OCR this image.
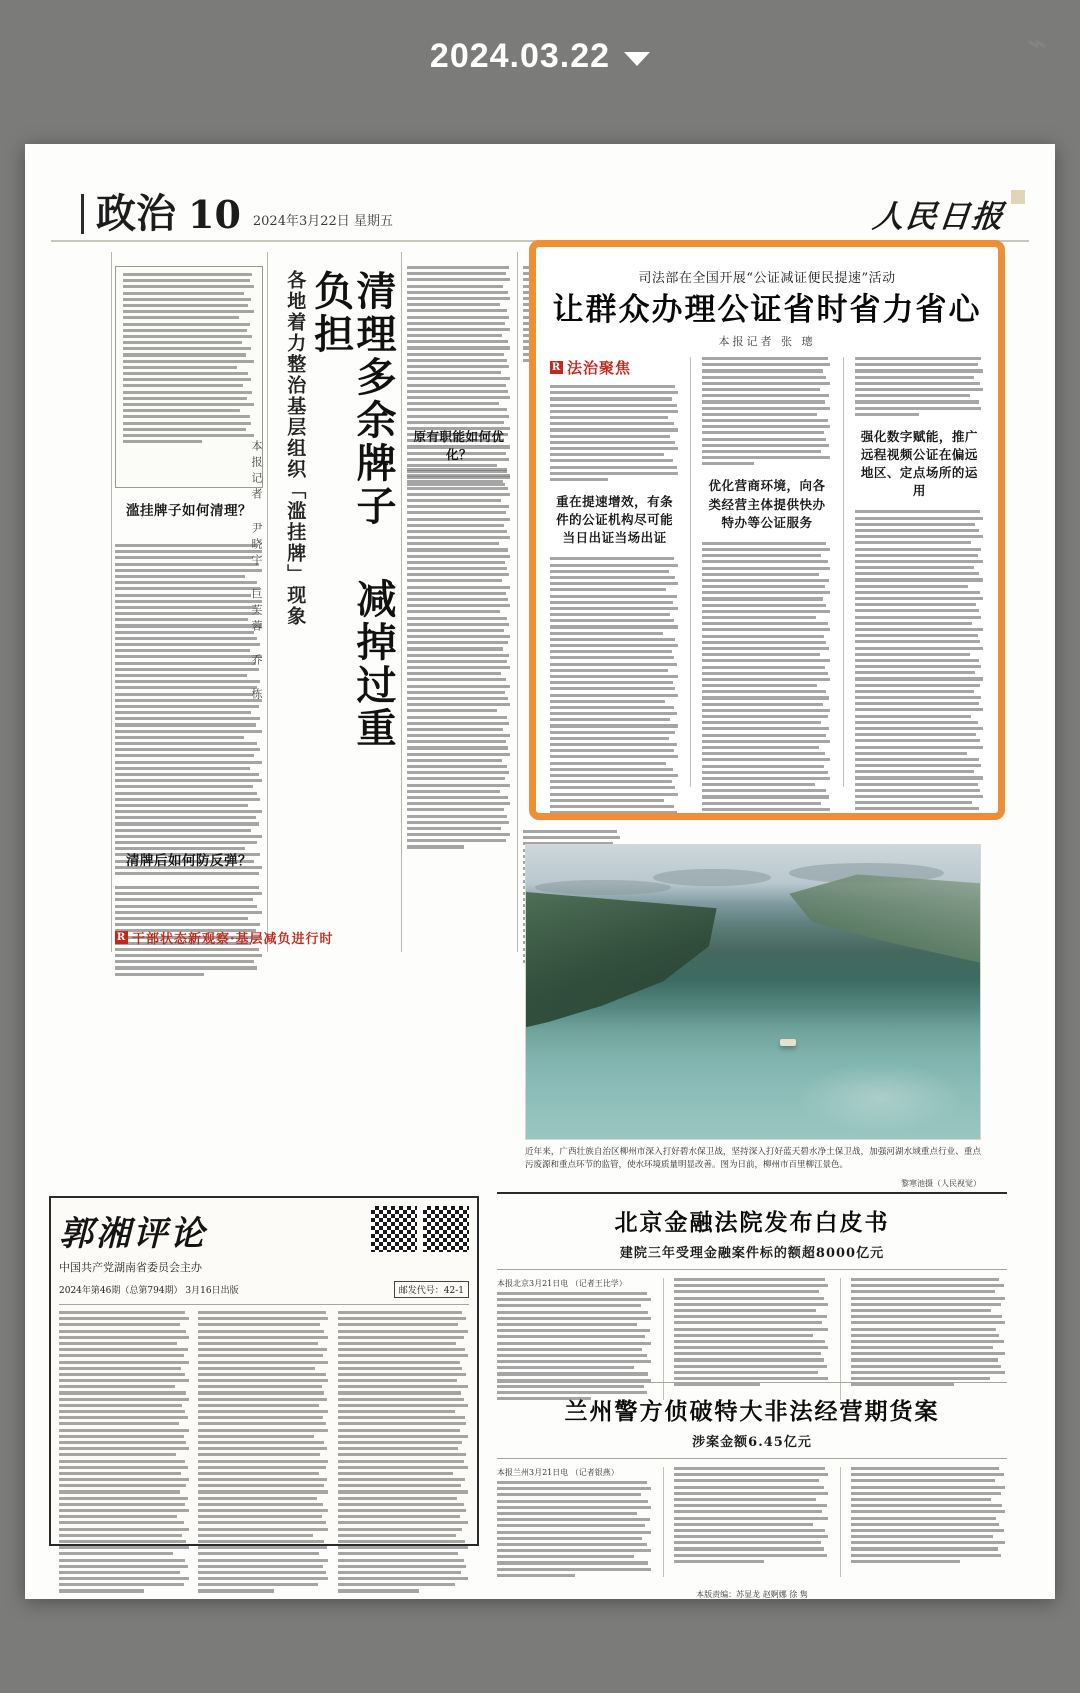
2024.03.22	⌁
政治 10 2024年3月22日 星期五	人民日报
滥挂牌子如何清理？
清牌后如何防反弹？
清理多余牌子 减掉过重负担
各地着力整治基层组织「滥挂牌」现象
本报记者 尹晓宇 巨芙蓉 乔 栋
原有职能如何优化？
司法部在全国开展“公证减证便民提速”活动
让群众办理公证省时省力省心
本报记者 张 璁
R 法治聚焦
重在提速增效，有条件的公证机构尽可能当日出证当场出证
优化营商环境，向各类经营主体提供快办特办等公证服务
强化数字赋能，推广远程视频公证在偏远地区、定点场所的运用
R 干部状态新观察·基层减负进行时
近年来，广西壮族自治区柳州市深入打好碧水保卫战，坚持深入打好蓝天碧水净土保卫战，加强河湖水域重点行业、重点污废源和重点环节的监管，使水环境质量明显改善。图为日前，柳州市百里柳江景色。
黎寒池摄（人民视觉）
郭湘评论
中国共产党湖南省委员会主办
2024年第46期（总第794期） 3月16日出版	邮发代号：42-1
北京金融法院发布白皮书
建院三年受理金融案件标的额超8000亿元
本报北京3月21日电 （记者王比学）
兰州警方侦破特大非法经营期货案
涉案金额6.45亿元
本报兰州3月21日电 （记者银燕）
本版责编：苏显龙 赵婀娜 徐 隽
